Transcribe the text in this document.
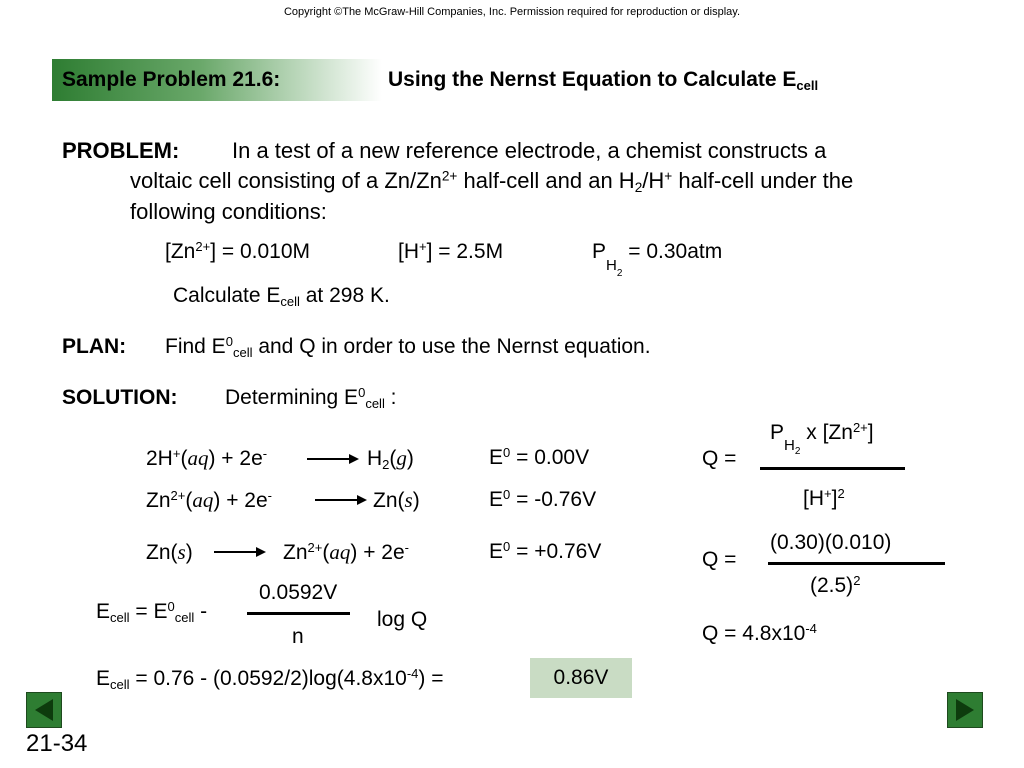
Copyright ©The McGraw-Hill Companies, Inc. Permission required for reproduction or display.
Sample Problem 21.6:	Using the Nernst Equation to Calculate $E_{cell}$
PROBLEM: In a test of a new reference electrode, a chemist constructs a
voltaic cell consisting of a $Zn/Zn^{2+}$ half-cell and an $H_2/H^+$ half-cell under the
following conditions:
$[Zn^{2+}] = 0.010M$	[H+] = 2.5M	$P_{H2} = 0.30atm$
Calculate $E_{cell}$ at 298 K.
PLAN: Find $E^0_{cell}$ and Q in order to use the Nernst equation.
SOLUTION: Determining $E^0_{cell}$ :
$2H^+(aq) + 2e^- \to H_2(g)$	$E^0 = 0.00V$
$Zn^{2+}(aq) + 2e^-$	→ Zn(s)	$E^0 = -0.76V$
$Zn(s) \to Zn^{2+}(aq) + 2e^-$	$E^0 = +0.76V$
$P_{H2}$ x $[Zn^{2+}]$
Q =
$[H^+]^2$
(0.30)(0.010)
Q =
$(2.5)^2$
$Q = 4.8x10^{-4}$
$E_{cell} = E^0_{cell}$ -
0.0592V
n
log Q
$E_{cell} = 0.76 - (0.0592/2)\log(4.8x10^{-4})$ =	0.86V
21-34
